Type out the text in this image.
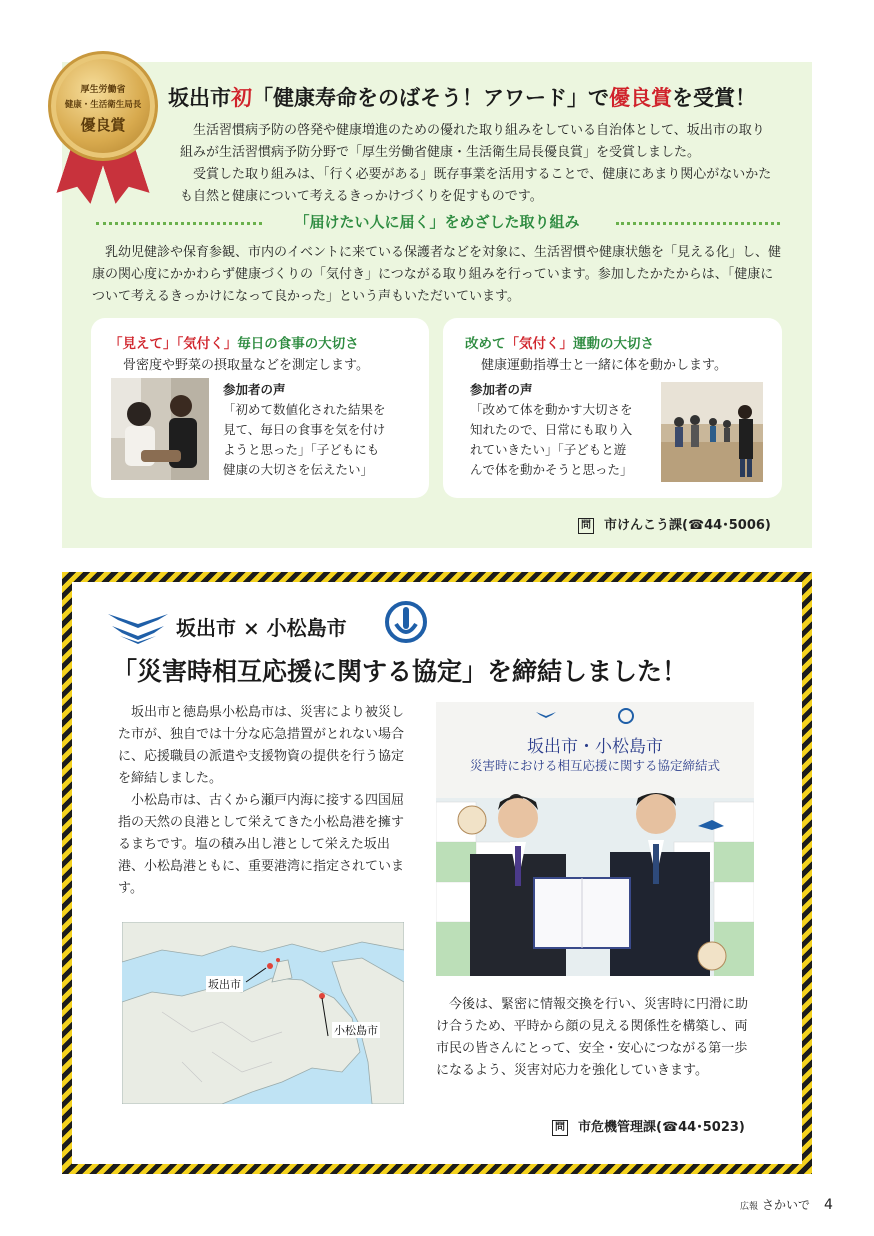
厚生労働省
健康・生活衛生局長
優良賞
坂出市初「健康寿命をのばそう！アワード」で優良賞を受賞！

生活習慣病予防の啓発や健康増進のための優れた取り組みをしている自治体として、坂出市の取り組みが生活習慣病予防分野で「厚生労働省健康・生活衛生局長優良賞」を受賞しました。

受賞した取り組みは、「行く必要がある」既存事業を活用することで、健康にあまり関心がないかたも自然と健康について考えるきっかけづくりを促すものです。

「届けたい人に届く」をめざした取り組み

乳幼児健診や保育参観、市内のイベントに来ている保護者などを対象に、生活習慣や健康状態を「見える化」し、健康の関心度にかかわらず健康づくりの「気付き」につながる取り組みを行っています。参加したかたからは、「健康について考えるきっかけになって良かった」という声もいただいています。

「見えて」「気付く」毎日の食事の大切さ
骨密度や野菜の摂取量などを測定します。
参加者の声
「初めて数値化された結果を
見て、毎日の食事を気を付け
ようと思った」「子どもにも
健康の大切さを伝えたい」
改めて「気付く」運動の大切さ
健康運動指導士と一緒に体を動かします。
参加者の声
「改めて体を動かす大切さを
知れたので、日常にも取り入
れていきたい」「子どもと遊
んで体を動かそうと思った」
問 市けんこう課(☎44･5006)
坂出市 × 小松島市
「災害時相互応援に関する協定」を締結しました！

坂出市と徳島県小松島市は、災害により被災した市が、独自では十分な応急措置がとれない場合に、応援職員の派遣や支援物資の提供を行う協定を締結しました。

小松島市は、古くから瀬戸内海に接する四国屈指の天然の良港として栄えてきた小松島港を擁するまちです。塩の積み出し港として栄えた坂出港、小松島港ともに、重要港湾に指定されています。

坂出市
小松島市
坂出市・小松島市
災害時における相互応援に関する協定締結式

今後は、緊密に情報交換を行い、災害時に円滑に助け合うため、平時から顔の見える関係性を構築し、両市民の皆さんにとって、安全・安心につながる第一歩になるよう、災害対応力を強化していきます。

問 市危機管理課(☎44･5023)
広報 さかいで 4
